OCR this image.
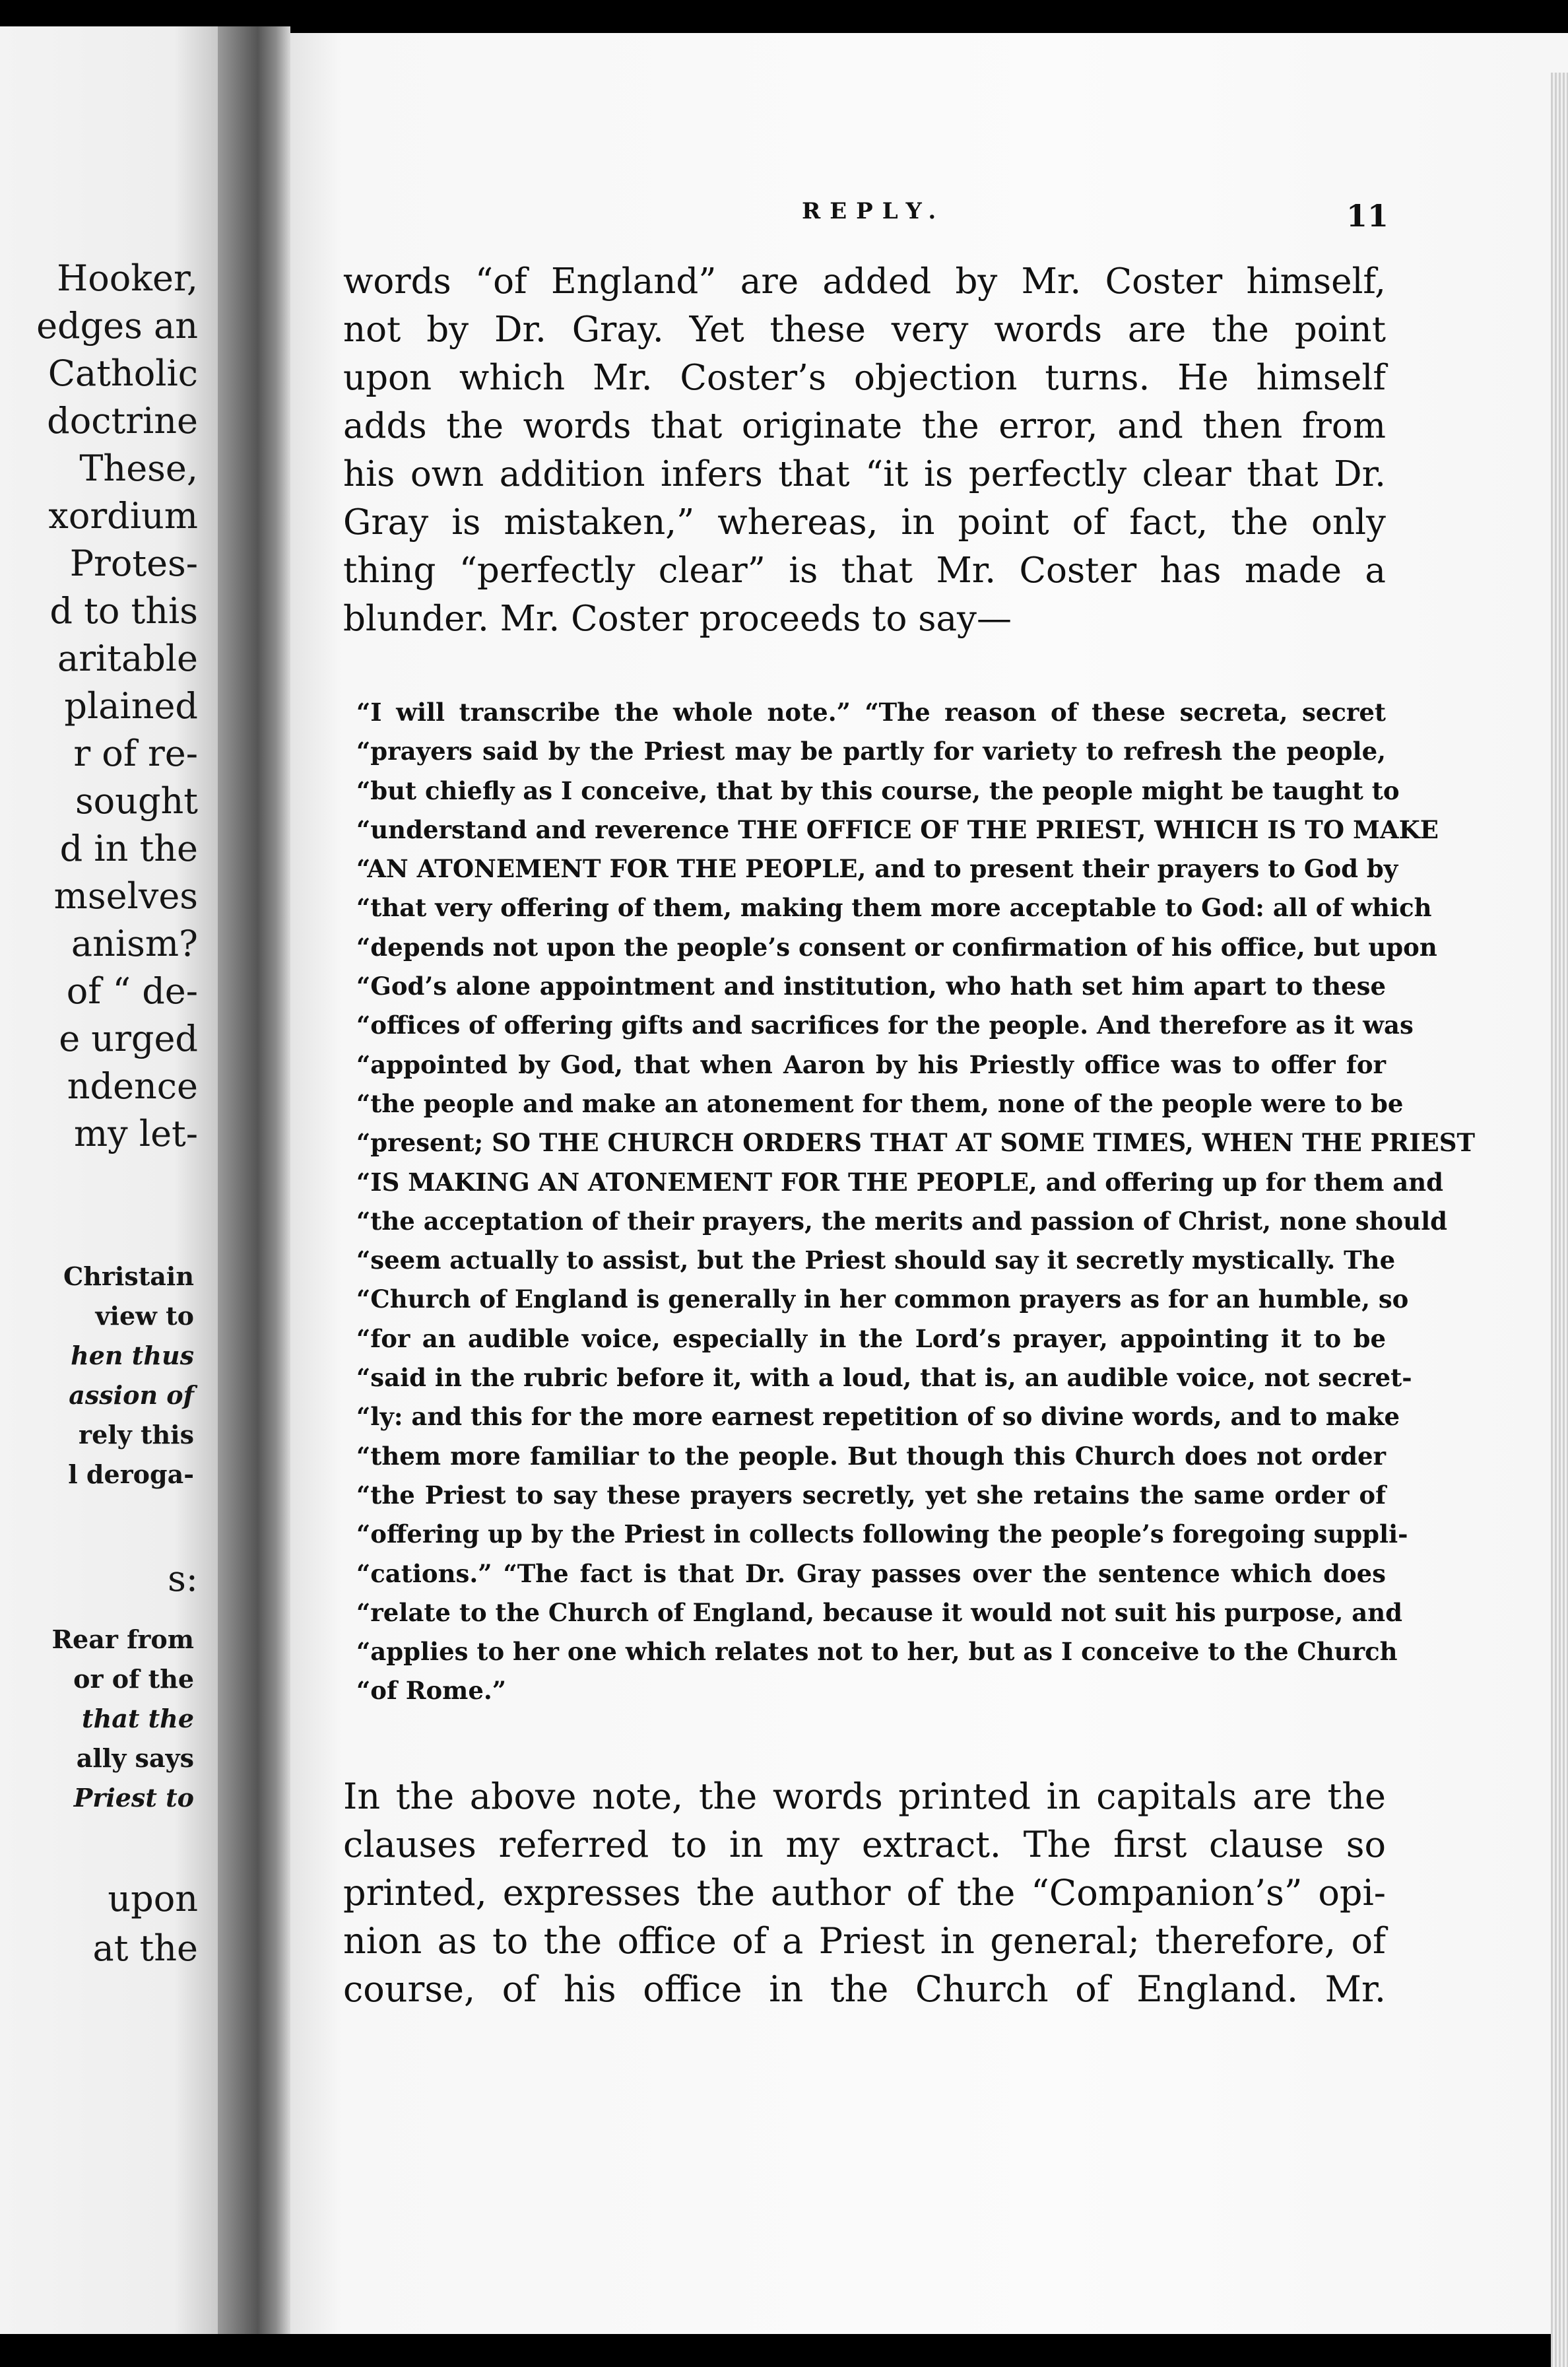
Hooker,
edges an
Catholic
doctrine
These,
xordium
Protes-
d to this
aritable
plained
r of re-
sought
d in the
mselves
anism?
of “ de-
e urged
ndence
my let-
Christain
view to
hen thus
assion of
rely this
l deroga-
s:
Rear from
or of the
that the
ally says
Priest to
upon
at the
REPLY.	11
words “of England” are added by Mr. Coster himself,
not by Dr. Gray. Yet these very words are the point
upon which Mr. Coster’s objection turns. He himself
adds the words that originate the error, and then from
his own addition infers that “it is perfectly clear that Dr.
Gray is mistaken,” whereas, in point of fact, the only
thing “perfectly clear” is that Mr. Coster has made a
blunder. Mr. Coster proceeds to say—
“I will transcribe the whole note.” “The reason of these secreta, secret
“prayers said by the Priest may be partly for variety to refresh the people,
“but chiefly as I conceive, that by this course, the people might be taught to
“understand and reverence THE OFFICE OF THE PRIEST, WHICH IS TO MAKE
“AN ATONEMENT FOR THE PEOPLE, and to present their prayers to God by
“that very offering of them, making them more acceptable to God: all of which
“depends not upon the people’s consent or confirmation of his office, but upon
“God’s alone appointment and institution, who hath set him apart to these
“offices of offering gifts and sacrifices for the people. And therefore as it was
“appointed by God, that when Aaron by his Priestly office was to offer for
“the people and make an atonement for them, none of the people were to be
“present; SO THE CHURCH ORDERS THAT AT SOME TIMES, WHEN THE PRIEST
“IS MAKING AN ATONEMENT FOR THE PEOPLE, and offering up for them and
“the acceptation of their prayers, the merits and passion of Christ, none should
“seem actually to assist, but the Priest should say it secretly mystically. The
“Church of England is generally in her common prayers as for an humble, so
“for an audible voice, especially in the Lord’s prayer, appointing it to be
“said in the rubric before it, with a loud, that is, an audible voice, not secret-
“ly: and this for the more earnest repetition of so divine words, and to make
“them more familiar to the people. But though this Church does not order
“the Priest to say these prayers secretly, yet she retains the same order of
“offering up by the Priest in collects following the people’s foregoing suppli-
“cations.” “The fact is that Dr. Gray passes over the sentence which does
“relate to the Church of England, because it would not suit his purpose, and
“applies to her one which relates not to her, but as I conceive to the Church
“of Rome.”
In the above note, the words printed in capitals are the
clauses referred to in my extract. The first clause so
printed, expresses the author of the “Companion’s” opi-
nion as to the office of a Priest in general; therefore, of
course, of his office in the Church of England. Mr.
